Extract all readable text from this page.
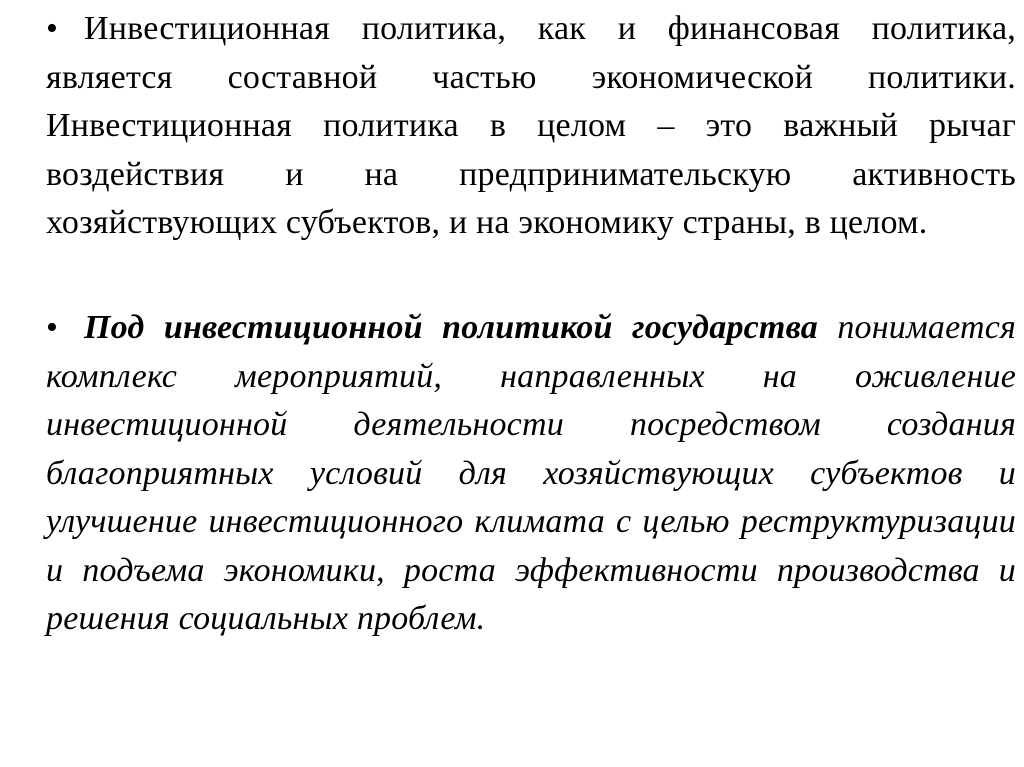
• Инвестиционная политика, как и финансовая политика, является составной частью экономической политики. Инвестиционная политика в целом – это важный рычаг воздействия и на предпринимательскую активность хозяйствующих субъектов, и на экономику страны, в целом.

• Под инвестиционной политикой государства понимается комплекс мероприятий, направленных на оживление инвестиционной деятельности посредством создания благоприятных условий для хозяйствующих субъектов и улучшение инвестиционного климата с целью реструктуризации и подъема экономики, роста эффективности производства и решения социальных проблем.
